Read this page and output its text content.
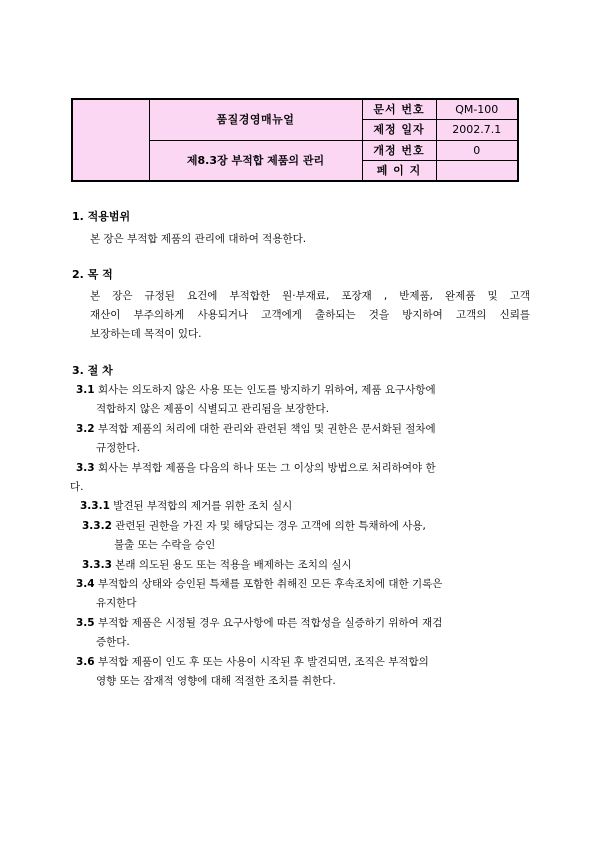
	품질경영매뉴얼	문서 번호	QM-100
		제정 일자	2002.7.1
	제8.3장 부적합 제품의 관리	개정 번호	0
		페 이 지	
1. 적용범위
본 장은 부적합 제품의 관리에 대하여 적용한다.
2. 목 적
본 장은 규정된 요건에 부적합한 원·부재료, 포장재 , 반제품, 완제품 및 고객
재산이 부주의하게 사용되거나 고객에게 출하되는 것을 방지하여 고객의 신뢰를
보장하는데 목적이 있다.
3. 절 차
3.1 회사는 의도하지 않은 사용 또는 인도를 방지하기 위하여, 제품 요구사항에
적합하지 않은 제품이 식별되고 관리됨을 보장한다.
3.2 부적합 제품의 처리에 대한 관리와 관련된 책임 및 권한은 문서화된 절차에
규정한다.
3.3 회사는 부적합 제품을 다음의 하나 또는 그 이상의 방법으로 처리하여야 한
다.
3.3.1 발견된 부적합의 제거를 위한 조치 실시
3.3.2 관련된 권한을 가진 자 및 해당되는 경우 고객에 의한 특채하에 사용,
불출 또는 수락을 승인
3.3.3 본래 의도된 용도 또는 적용을 배제하는 조치의 실시
3.4 부적합의 상태와 승인된 특채를 포함한 취해진 모든 후속조치에 대한 기록은
유지한다
3.5 부적합 제품은 시정될 경우 요구사항에 따른 적합성을 실증하기 위하여 재검
증한다.
3.6 부적합 제품이 인도 후 또는 사용이 시작된 후 발견되면, 조직은 부적합의
영향 또는 잠재적 영향에 대해 적절한 조치를 취한다.
